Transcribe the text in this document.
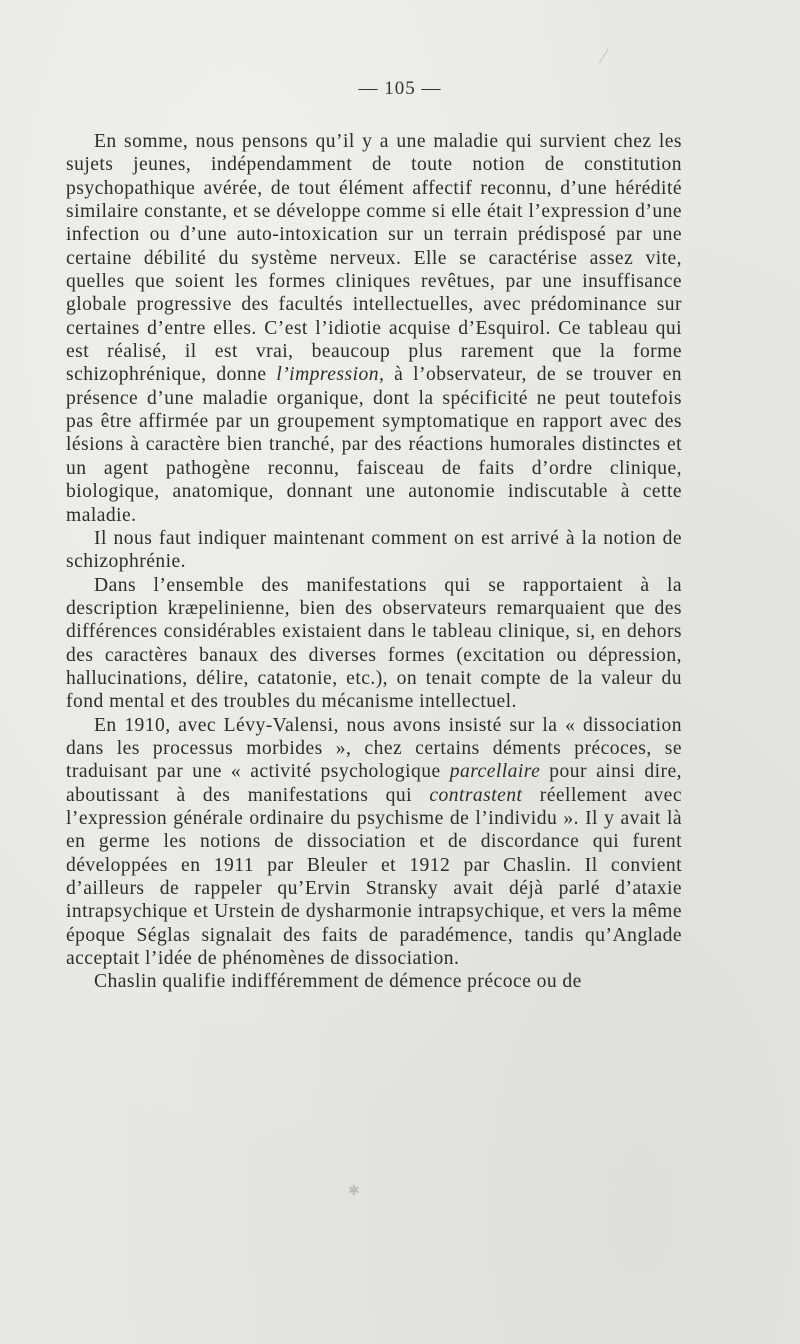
— 105 —

En somme, nous pensons qu’il y a une maladie qui survient chez les sujets jeunes, indépendamment de toute notion de constitution psychopathique avérée, de tout élément affectif reconnu, d’une hérédité similaire constante, et se développe comme si elle était l’expression d’une infection ou d’une auto-intoxication sur un terrain prédisposé par une certaine débilité du système nerveux. Elle se caractérise assez vite, quelles que soient les formes cliniques revêtues, par une insuffisance globale progressive des facultés intellectuelles, avec prédominance sur certaines d’entre elles. C’est l’idiotie acquise d’Esquirol. Ce tableau qui est réalisé, il est vrai, beaucoup plus rarement que la forme schizophrénique, donne l’impression, à l’observateur, de se trouver en présence d’une maladie organique, dont la spécificité ne peut toutefois pas être affirmée par un groupement symptomatique en rapport avec des lésions à caractère bien tranché, par des réactions humorales distinctes et un agent pathogène reconnu, faisceau de faits d’ordre clinique, biologique, anatomique, donnant une autonomie indiscutable à cette maladie.

Il nous faut indiquer maintenant comment on est arrivé à la notion de schizophrénie.

Dans l’ensemble des manifestations qui se rapportaient à la description kræpelinienne, bien des observateurs remarquaient que des différences considérables existaient dans le tableau clinique, si, en dehors des caractères banaux des diverses formes (excitation ou dépression, hallucinations, délire, catatonie, etc.), on tenait compte de la valeur du fond mental et des troubles du mécanisme intellectuel.

En 1910, avec Lévy-Valensi, nous avons insisté sur la « dissociation dans les processus morbides », chez certains déments précoces, se traduisant par une « activité psychologique parcellaire pour ainsi dire, aboutissant à des manifestations qui contrastent réellement avec l’expression générale ordinaire du psychisme de l’individu ». Il y avait là en germe les notions de dissociation et de discordance qui furent développées en 1911 par Bleuler et 1912 par Chaslin. Il convient d’ailleurs de rappeler qu’Ervin Stransky avait déjà parlé d’ataxie intrapsychique et Urstein de dysharmonie intrapsychique, et vers la même époque Séglas signalait des faits de paradémence, tandis qu’Anglade acceptait l’idée de phénomènes de dissociation.

Chaslin qualifie indifféremment de démence précoce ou de

✱
⁄
